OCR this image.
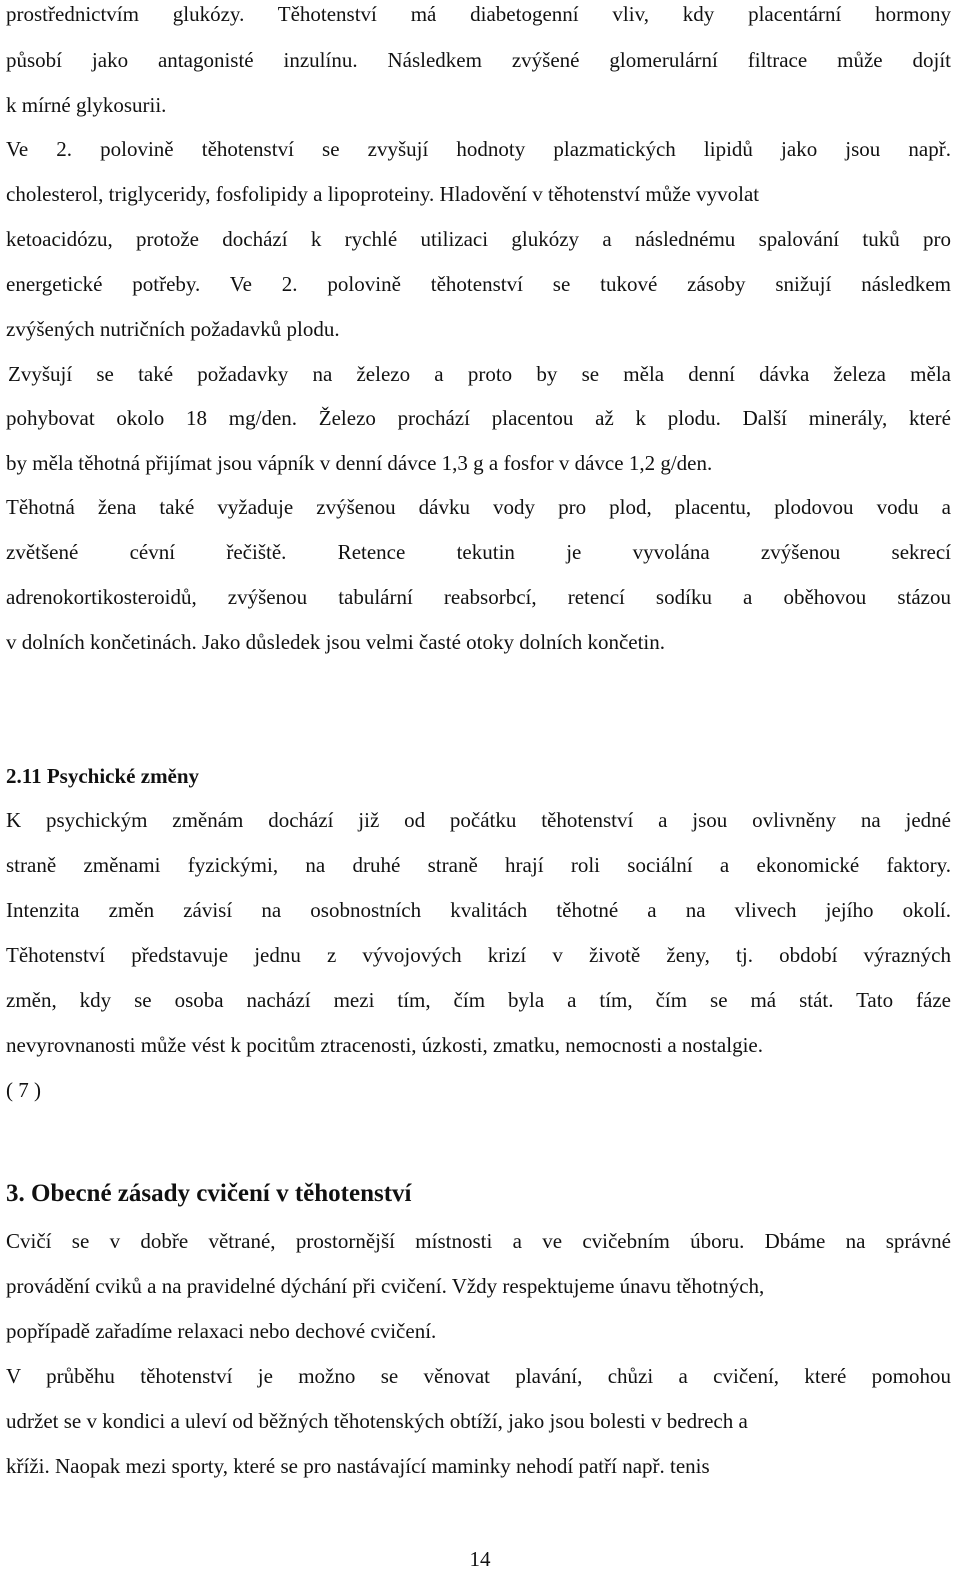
prostřednictvím glukózy. Těhotenství má diabetogenní vliv, kdy placentární hormony
působí jako antagonisté inzulínu. Následkem zvýšené glomerulární filtrace může dojít
k mírné glykosurii.
Ve 2. polovině těhotenství se zvyšují hodnoty plazmatických lipidů jako jsou např.
cholesterol, triglyceridy, fosfolipidy a lipoproteiny. Hladovění v těhotenství může vyvolat
ketoacidózu, protože dochází k rychlé utilizaci glukózy a následnému spalování tuků pro
energetické potřeby. Ve 2. polovině těhotenství se tukové zásoby snižují následkem
zvýšených nutričních požadavků plodu.
Zvyšují se také požadavky na železo a proto by se měla denní dávka železa měla
pohybovat okolo 18 mg/den. Železo prochází placentou až k plodu. Další minerály, které
by měla těhotná přijímat jsou vápník v denní dávce 1,3 g a fosfor v dávce 1,2 g/den.
Těhotná žena také vyžaduje zvýšenou dávku vody pro plod, placentu, plodovou vodu a
zvětšené cévní řečiště. Retence tekutin je vyvolána zvýšenou sekrecí
adrenokortikosteroidů, zvýšenou tabulární reabsorbcí, retencí sodíku a oběhovou stázou
v dolních končetinách. Jako důsledek jsou velmi časté otoky dolních končetin.
2.11 Psychické změny
K psychickým změnám dochází již od počátku těhotenství a jsou ovlivněny na jedné
straně změnami fyzickými, na druhé straně hrají roli sociální a ekonomické faktory.
Intenzita změn závisí na osobnostních kvalitách těhotné a na vlivech jejího okolí.
Těhotenství představuje jednu z vývojových krizí v životě ženy, tj. období výrazných
změn, kdy se osoba nachází mezi tím, čím byla a tím, čím se má stát. Tato fáze
nevyrovnanosti může vést k pocitům ztracenosti, úzkosti, zmatku, nemocnosti a nostalgie.
( 7 )
3. Obecné zásady cvičení v těhotenství
Cvičí se v dobře větrané, prostornější místnosti a ve cvičebním úboru. Dbáme na správné
provádění cviků a na pravidelné dýchání při cvičení. Vždy respektujeme únavu těhotných,
popřípadě zařadíme relaxaci nebo dechové cvičení.
V průběhu těhotenství je možno se věnovat plavání, chůzi a cvičení, které pomohou
udržet se v kondici a uleví od běžných těhotenských obtíží, jako jsou bolesti v bedrech a
kříži. Naopak mezi sporty, které se pro nastávající maminky nehodí patří např. tenis
14
